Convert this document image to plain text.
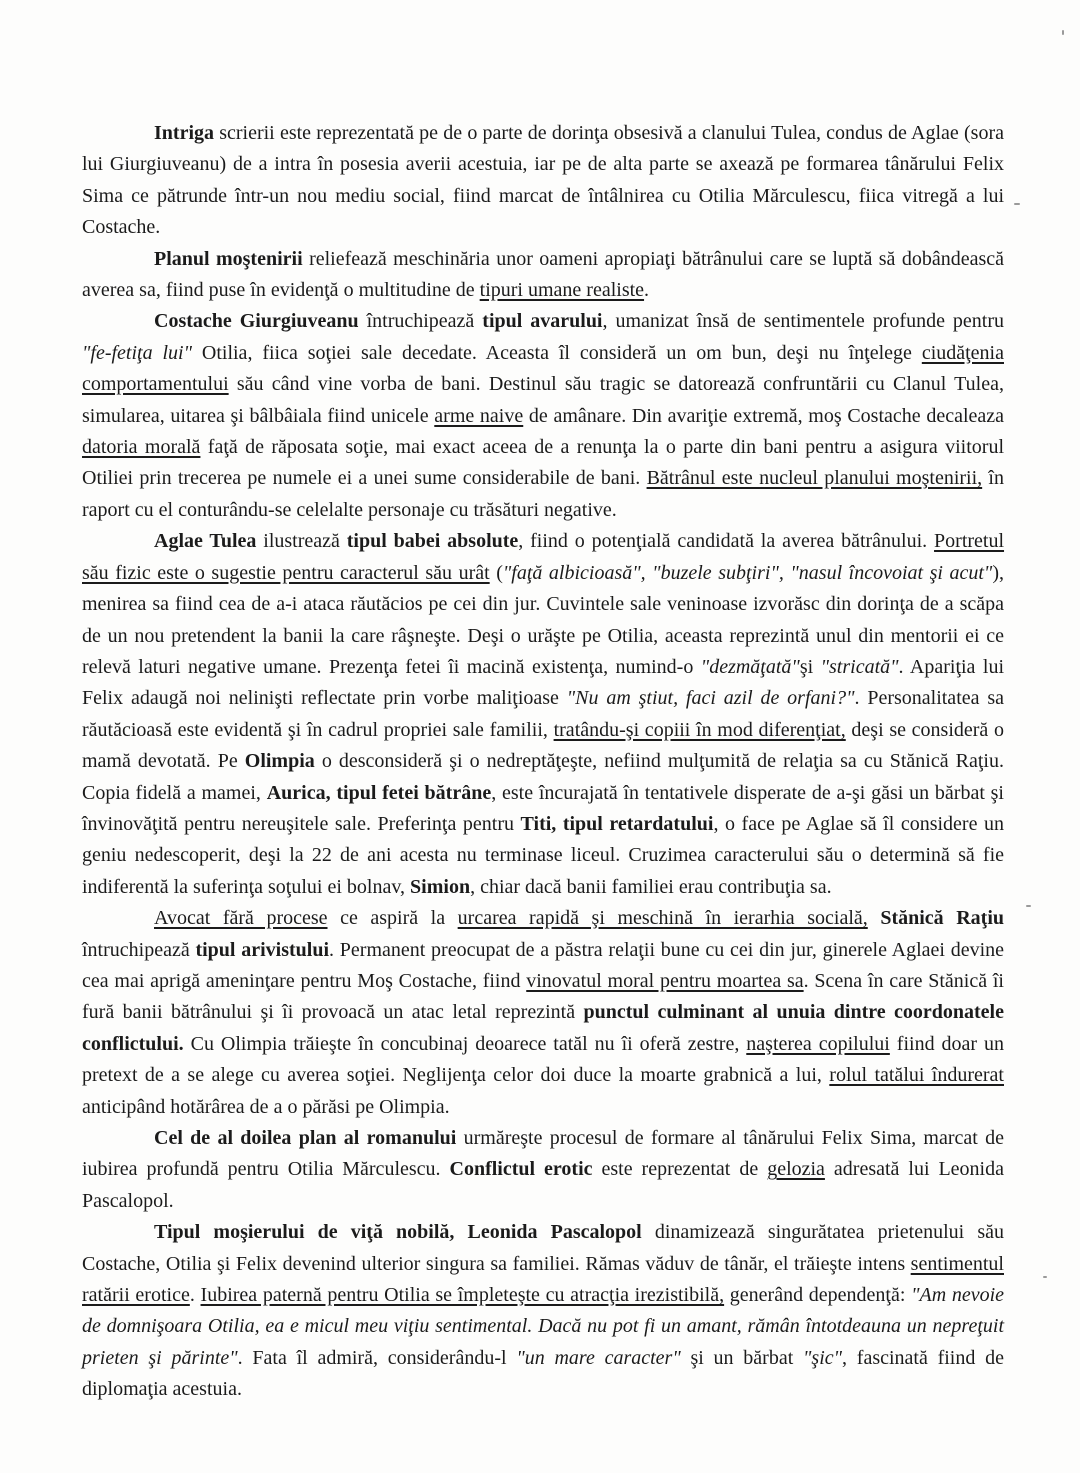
Intriga scrierii este reprezentată pe de o parte de dorinţa obsesivă a clanului Tulea, condus de Aglae (sora lui Giurgiuveanu) de a intra în posesia averii acestuia, iar pe de alta parte se axează pe formarea tânărului Felix Sima ce pătrunde într-un nou mediu social, fiind marcat de întâlnirea cu Otilia Mărculescu, fiica vitregă a lui Costache.

Planul moştenirii reliefează meschinăria unor oameni apropiaţi bătrânului care se luptă să dobândească averea sa, fiind puse în evidenţă o multitudine de tipuri umane realiste.

Costache Giurgiuveanu întruchipează tipul avarului, umanizat însă de sentimentele profunde pentru "fe-fetiţa lui" Otilia, fiica soţiei sale decedate. Aceasta îl consideră un om bun, deşi nu înţelege ciudăţenia comportamentului său când vine vorba de bani. Destinul său tragic se datorează confruntării cu Clanul Tulea, simularea, uitarea şi bâlbâiala fiind unicele arme naive de amânare. Din avariţie extremă, moş Costache decaleaza datoria morală faţă de răposata soţie, mai exact aceea de a renunţa la o parte din bani pentru a asigura viitorul Otiliei prin trecerea pe numele ei a unei sume considerabile de bani. Bătrânul este nucleul planului moştenirii, în raport cu el conturându-se celelalte personaje cu trăsături negative.

Aglae Tulea ilustrează tipul babei absolute, fiind o potenţială candidată la averea bătrânului. Portretul său fizic este o sugestie pentru caracterul său urât ("faţă albicioasă", "buzele subţiri", "nasul încovoiat şi acut"), menirea sa fiind cea de a-i ataca răutăcios pe cei din jur. Cuvintele sale veninoase izvorăsc din dorinţa de a scăpa de un nou pretendent la banii la care râşneşte. Deşi o urăşte pe Otilia, aceasta reprezintă unul din mentorii ei ce relevă laturi negative umane. Prezenţa fetei îi macină existenţa, numind-o "dezmăţată"şi "stricată". Apariţia lui Felix adaugă noi nelinişti reflectate prin vorbe maliţioase "Nu am ştiut, faci azil de orfani?". Personalitatea sa răutăcioasă este evidentă şi în cadrul propriei sale familii, tratându-şi copiii în mod diferenţiat, deşi se consideră o mamă devotată. Pe Olimpia o desconsideră şi o nedreptăţeşte, nefiind mulţumită de relaţia sa cu Stănică Raţiu. Copia fidelă a mamei, Aurica, tipul fetei bătrâne, este încurajată în tentativele disperate de a-şi găsi un bărbat şi învinovăţită pentru nereuşitele sale. Preferinţa pentru Titi, tipul retardatului, o face pe Aglae să îl considere un geniu nedescoperit, deşi la 22 de ani acesta nu terminase liceul. Cruzimea caracterului său o determină să fie indiferentă la suferinţa soţului ei bolnav, Simion, chiar dacă banii familiei erau contribuţia sa.

Avocat fără procese ce aspiră la urcarea rapidă şi meschină în ierarhia socială, Stănică Raţiu întruchipează tipul arivistului. Permanent preocupat de a păstra relaţii bune cu cei din jur, ginerele Aglaei devine cea mai aprigă ameninţare pentru Moş Costache, fiind vinovatul moral pentru moartea sa. Scena în care Stănică îi fură banii bătrânului şi îi provoacă un atac letal reprezintă punctul culminant al unuia dintre coordonatele conflictului. Cu Olimpia trăieşte în concubinaj deoarece tatăl nu îi oferă zestre, naşterea copilului fiind doar un pretext de a se alege cu averea soţiei. Neglijenţa celor doi duce la moarte grabnică a lui, rolul tatălui îndurerat anticipând hotărârea de a o părăsi pe Olimpia.

Cel de al doilea plan al romanului urmăreşte procesul de formare al tânărului Felix Sima, marcat de iubirea profundă pentru Otilia Mărculescu. Conflictul erotic este reprezentat de gelozia adresată lui Leonida Pascalopol.

Tipul moşierului de viţă nobilă, Leonida Pascalopol dinamizează singurătatea prietenului său Costache, Otilia şi Felix devenind ulterior singura sa familiei. Rămas văduv de tânăr, el trăieşte intens sentimentul ratării erotice. Iubirea paternă pentru Otilia se împleteşte cu atracţia irezistibilă, generând dependenţă: "Am nevoie de domnişoara Otilia, ea e micul meu viţiu sentimental. Dacă nu pot fi un amant, rămân întotdeauna un nepreţuit prieten şi părinte". Fata îl admiră, considerându-l "un mare caracter" şi un bărbat "şic", fascinată fiind de diplomaţia acestuia.
